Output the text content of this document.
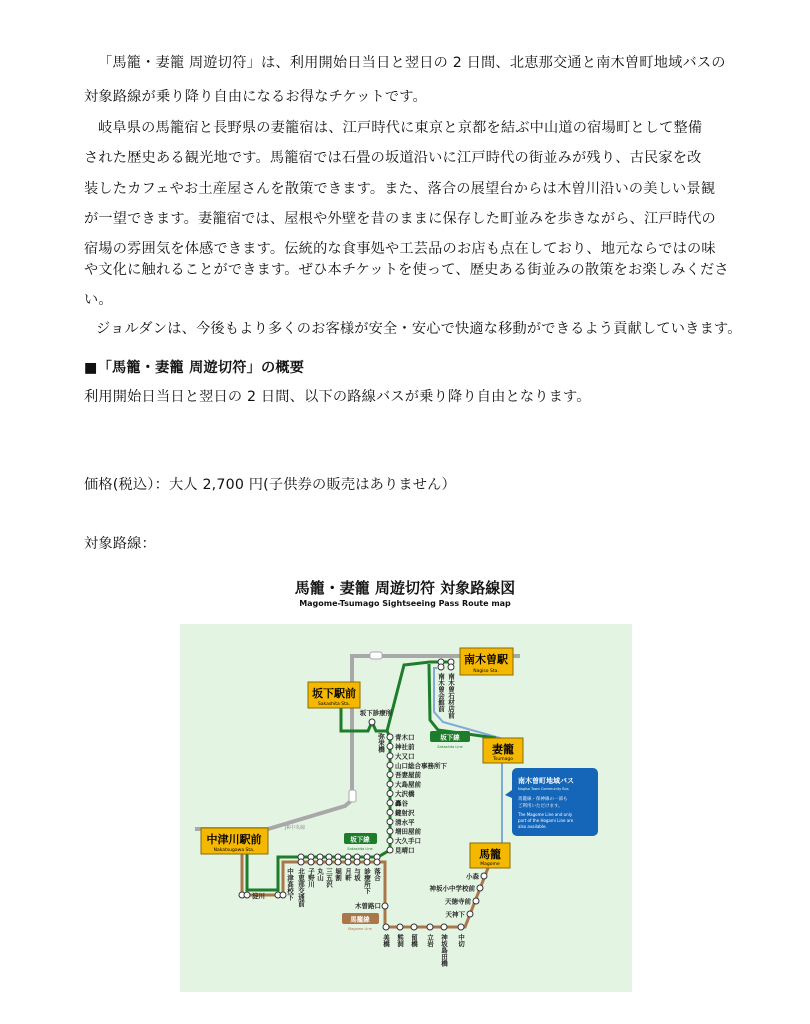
「馬籠・妻籠 周遊切符」は、利用開始日当日と翌日の 2 日間、北恵那交通と南木曽町地域バスの
対象路線が乗り降り自由になるお得なチケットです。
岐阜県の馬籠宿と長野県の妻籠宿は、江戸時代に東京と京都を結ぶ中山道の宿場町として整備
された歴史ある観光地です。馬籠宿では石畳の坂道沿いに江戸時代の街並みが残り、古民家を改
装したカフェやお土産屋さんを散策できます。また、落合の展望台からは木曽川沿いの美しい景観
が一望できます。妻籠宿では、屋根や外壁を昔のままに保存した町並みを歩きながら、江戸時代の
宿場の雰囲気を体感できます。伝統的な食事処や工芸品のお店も点在しており、地元ならではの味
や文化に触れることができます。ぜひ本チケットを使って、歴史ある街並みの散策をお楽しみくださ
い。
ジョルダンは、今後もより多くのお客様が安全・安心で快適な移動ができるよう貢献していきます。
■「馬籠・妻籠 周遊切符」の概要
利用開始日当日と翌日の 2 日間、以下の路線バスが乗り降り自由となります。
価格(税込）：大人 2,700 円(子供券の販売はありません）
対象路線：
馬籠・妻籠 周遊切符 対象路線図
Magome-Tsumago Sightseeing Pass Route map
JR中央線
南木曽会館前 南木曽石材店前
坂下診療所
弥栄橋 青木口
神社前
大又口
山口総合事務所下
吾妻屋前
大島屋前
大沢橋
轟谷
鍵射沢
清水平
増田屋前
大久手口
見晴口
淀川	中津高校下 北恵那交通前 子野川 丸山 三五沢 堀割 月軒 与坂 診療所下 落合
木曽路口
美橋 熊洞 留橋 立岩 神坂島田橋 中切
小森
神坂小中学校前
天徳寺前
天神下
南木曽駅
Nagiso Sta.
坂下駅前
Sakashita Sta.
妻籠
Tsumago
中津川駅前
Nakatsugawa Sta.	馬籠
Magome
坂下線
Sakashita Line
坂下線
Sakashita Line
馬籠線
Magome Line
南木曽町地域バス
Nagiso Town Community Bus
馬籠線・保神線の一部も
ご利用いただけます。
The Magome Line and only
part of the Hogami Line are
also available.
